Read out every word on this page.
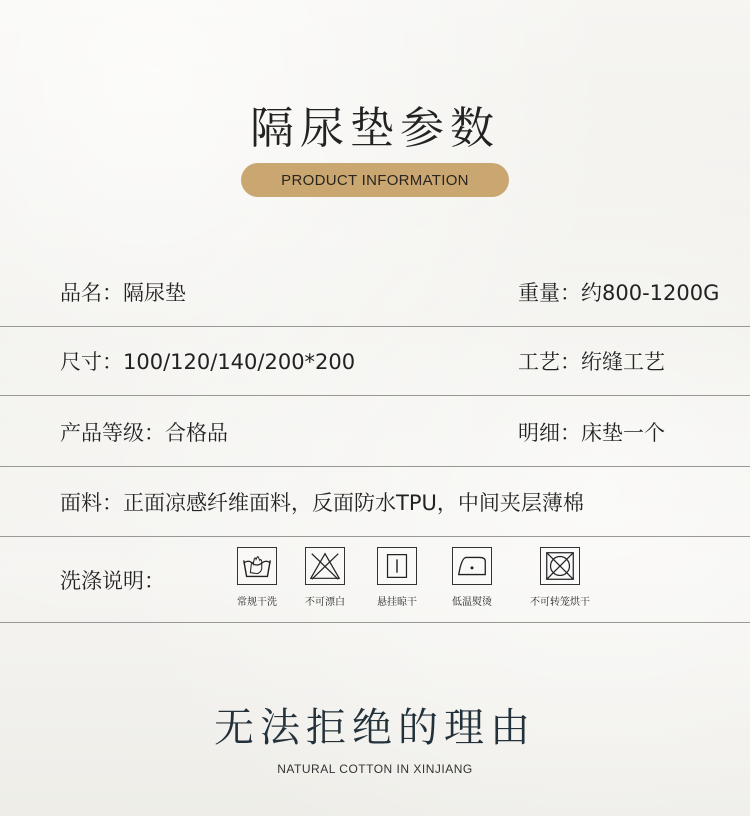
隔尿垫参数
PRODUCT INFORMATION
品名：隔尿垫	重量：约800-1200G
尺寸：100/120/140/200*200	工艺：绗缝工艺
产品等级：合格品	明细：床垫一个
面料：正面凉感纤维面料，反面防水TPU，中间夹层薄棉
洗涤说明：
常规干洗	不可漂白	悬挂晾干	低温熨烫	不可转笼烘干
无法拒绝的理由
NATURAL COTTON IN XINJIANG
